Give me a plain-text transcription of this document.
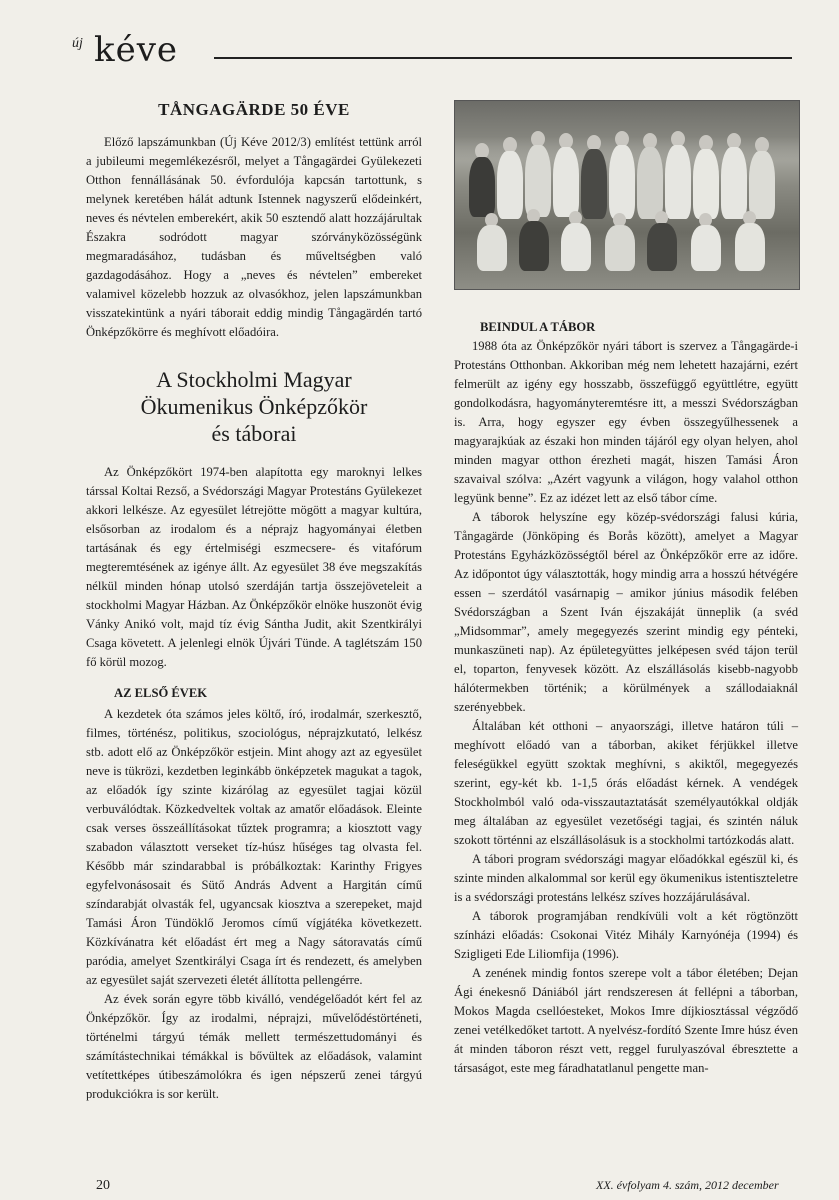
új kéve
TÅNGAGÄRDE 50 ÉVE

Előző lapszámunkban (Új Kéve 2012/3) említést tettünk arról a jubileumi megemlékezésről, melyet a Tångagärdei Gyülekezeti Otthon fennállásának 50. évfordulója kapcsán tartottunk, s melynek keretében hálát adtunk Istennek nagyszerű elődeinkért, neves és névtelen emberekért, akik 50 esztendő alatt hozzájárultak Északra sodródott magyar szórványközösségünk megmaradásához, tudásban és műveltségben való gazdagodásához. Hogy a „neves és névtelen” embereket valamivel közelebb hozzuk az olvasókhoz, jelen lapszámunkban visszatekintünk a nyári táborait eddig mindig Tångagärdén tartó Önképzőkörre és meghívott előadóira.

A Stockholmi Magyar
Ökumenikus Önképzőkör
és táborai

Az Önképzőkört 1974-ben alapította egy maroknyi lelkes társsal Koltai Rezső, a Svédországi Magyar Protestáns Gyülekezet akkori lelkésze. Az egyesület létrejötte mögött a magyar kultúra, elsősorban az irodalom és a néprajz hagyományai életben tartásának és egy értelmiségi eszmecsere- és vitafórum megteremtésének az igénye állt. Az egyesület 38 éve megszakítás nélkül minden hónap utolsó szerdáján tartja összejöveteleit a stockholmi Magyar Házban. Az Önképzőkör elnöke huszonöt évig Vánky Anikó volt, majd tíz évig Sántha Judit, akit Szentkirályi Csaga követett. A jelenlegi elnök Újvári Tünde. A taglétszám 150 fő körül mozog.

AZ ELSŐ ÉVEK

A kezdetek óta számos jeles költő, író, irodalmár, szerkesztő, filmes, történész, politikus, szociológus, néprajzkutató, lelkész stb. adott elő az Önképzőkör estjein. Mint ahogy azt az egyesület neve is tükrözi, kezdetben leginkább önképzetek magukat a tagok, az előadók így szinte kizárólag az egyesület tagjai közül verbuválódtak. Közkedveltek voltak az amatőr előadások. Eleinte csak verses összeállításokat tűztek programra; a kiosztott vagy szabadon választott verseket tíz-húsz hűséges tag olvasta fel. Később már szindarabbal is próbálkoztak: Karinthy Frigyes egyfelvonásosait és Sütő András Advent a Hargitán című színdarabját olvasták fel, ugyancsak kiosztva a szerepeket, majd Tamási Áron Tündöklő Jeromos című vígjátéka következett. Közkívánatra két előadást ért meg a Nagy sátoravatás című paródia, amelyet Szentkirályi Csaga írt és rendezett, és amelyben az egyesület saját szervezeti életét állította pellengérre.

Az évek során egyre több kiválló, vendégelőadót kért fel az Önképzőkör. Így az irodalmi, néprajzi, művelődéstörténeti, történelmi tárgyú témák mellett természettudományi és számítástechnikai témákkal is bővültek az előadások, valamint vetítettképes útibeszámolókra és igen népszerű zenei tárgyú produkciókra is sor került.

BEINDUL A TÁBOR

1988 óta az Önképzőkör nyári tábort is szervez a Tångagärde-i Protestáns Otthonban. Akkoriban még nem lehetett hazajárni, ezért felmerült az igény egy hosszabb, összefüggő együttlétre, együtt gondolkodásra, hagyományteremtésre itt, a messzi Svédországban is. Arra, hogy egyszer egy évben összegyűlhessenek a magyarajkúak az északi hon minden tájáról egy olyan helyen, ahol minden magyar otthon érezheti magát, hiszen Tamási Áron szavaival szólva: „Azért vagyunk a világon, hogy valahol otthon legyünk benne”. Ez az idézet lett az első tábor címe.

A táborok helyszíne egy közép-svédországi falusi kúria, Tångagärde (Jönköping és Borås között), amelyet a Magyar Protestáns Egyházközösségtől bérel az Önképzőkör erre az időre. Az időpontot úgy választották, hogy mindig arra a hosszú hétvégére essen – szerdától vasárnapig – amikor június második felében Svédországban a Szent Iván éjszakáját ünneplik (a svéd „Midsommar”, amely megegyezés szerint mindig egy pénteki, munkaszüneti nap). Az épületegyüttes jelképesen svéd tájon terül el, toparton, fenyvesek között. Az elszállásolás kisebb-nagyobb hálótermekben történik; a körülmények a szállodaiaknál szerényebbek.

Általában két otthoni – anyaországi, illetve határon túli – meghívott előadó van a táborban, akiket férjükkel illetve feleségükkel együtt szoktak meghívni, s akiktől, megegyezés szerint, egy-két kb. 1-1,5 órás előadást kérnek. A vendégek Stockholmból való oda-visszautaztatását személyautókkal oldják meg általában az egyesület vezetőségi tagjai, és szintén náluk szokott történni az elszállásolásuk is a stockholmi tartózkodás alatt.

A tábori program svédországi magyar előadókkal egészül ki, és szinte minden alkalommal sor kerül egy ökumenikus istentiszteletre is a svédországi protestáns lelkész szíves hozzájárulásával.

A táborok programjában rendkívüli volt a két rögtönzött színházi előadás: Csokonai Vitéz Mihály Karnyónéja (1994) és Szigligeti Ede Liliomfija (1996).

A zenének mindig fontos szerepe volt a tábor életében; Dejan Ági énekesnő Dániából járt rendszeresen át fellépni a táborban, Mokos Magda csellóesteket, Mokos Imre díjkiosztással végződő zenei vetélkedőket tartott. A nyelvész-fordító Szente Imre húsz éven át minden táboron részt vett, reggel furulyaszóval ébresztette a társaságot, este meg fáradhatatlanul pengette man-

20	XX. évfolyam 4. szám, 2012 december
